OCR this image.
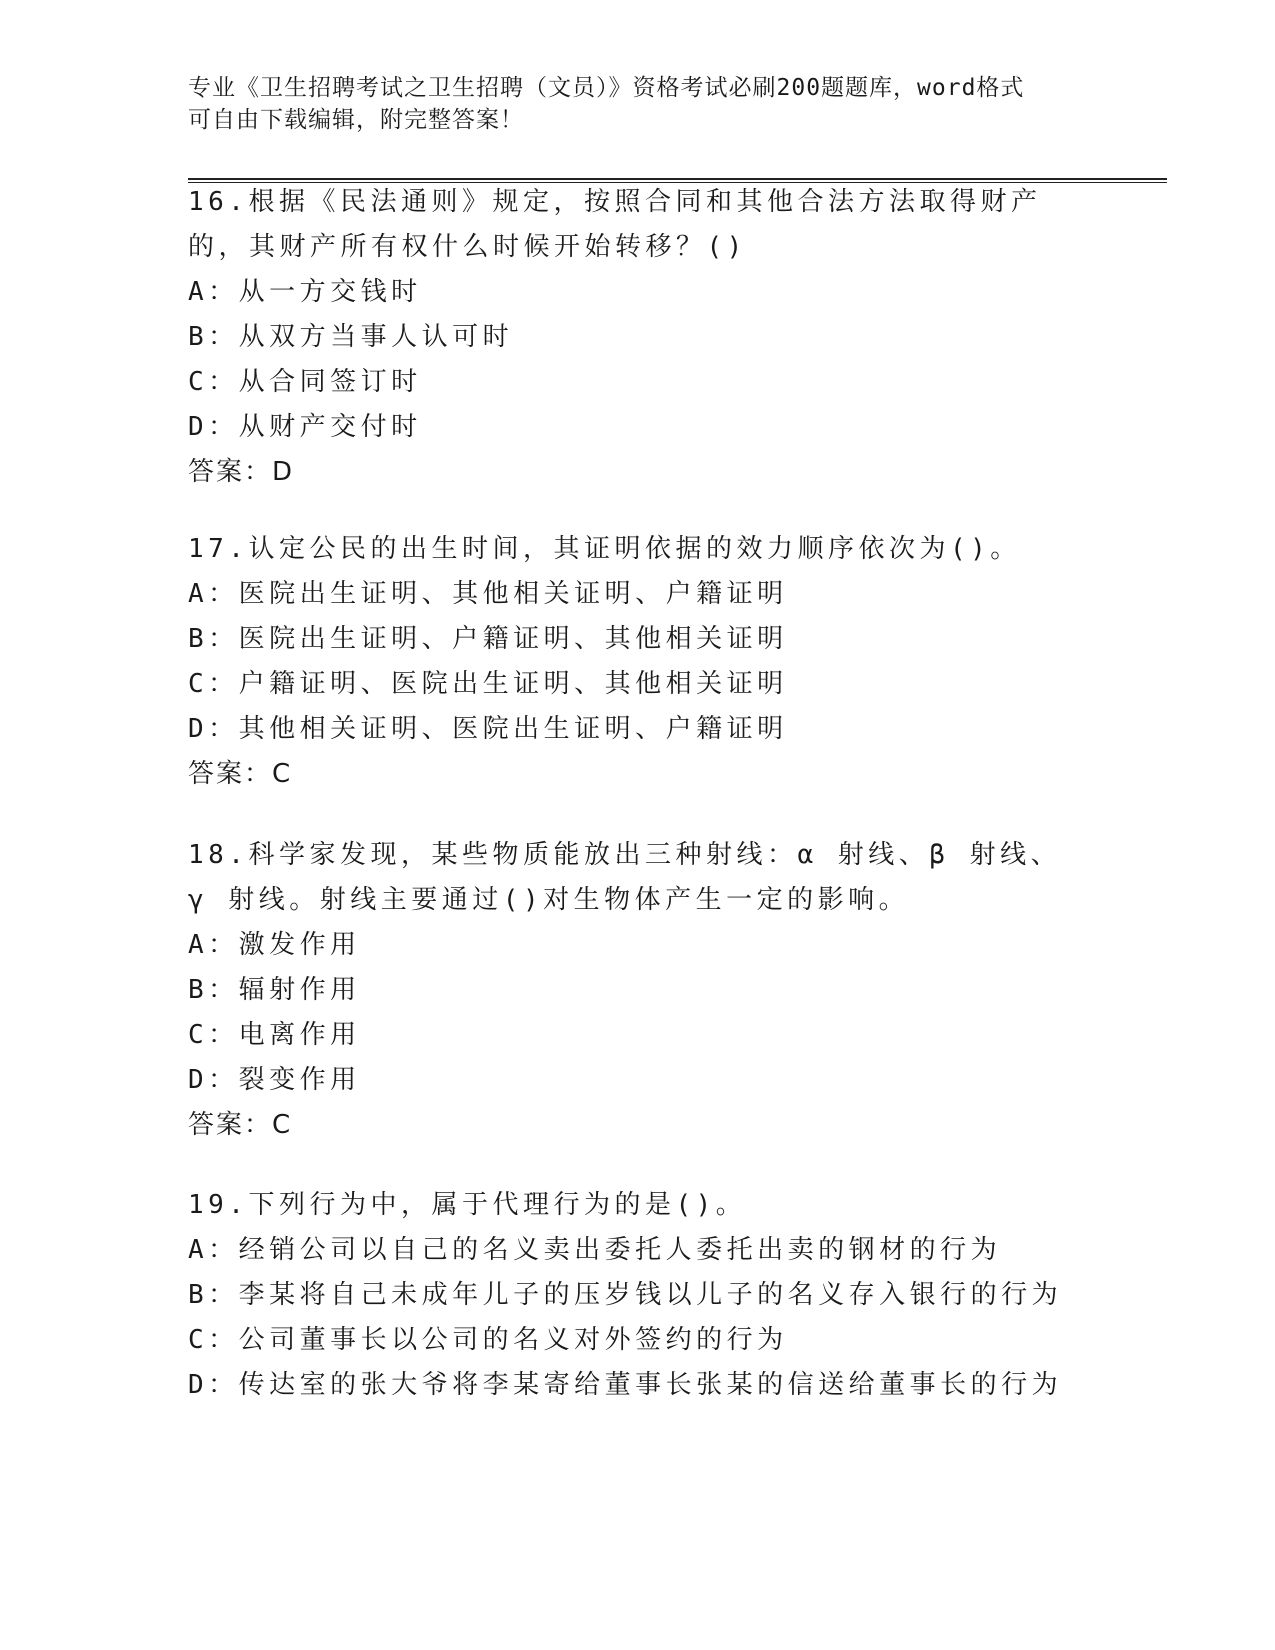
专业《卫生招聘考试之卫生招聘（文员）》资格考试必刷200题题库，word格式
可自由下载编辑，附完整答案！
16.根据《民法通则》规定，按照合同和其他合法方法取得财产的，其财产所有权什么时候开始转移？()
A：从一方交钱时
B：从双方当事人认可时
C：从合同签订时
D：从财产交付时
答案：D
17.认定公民的出生时间，其证明依据的效力顺序依次为()。
A：医院出生证明、其他相关证明、户籍证明
B：医院出生证明、户籍证明、其他相关证明
C：户籍证明、医院出生证明、其他相关证明
D：其他相关证明、医院出生证明、户籍证明
答案：C
18.科学家发现，某些物质能放出三种射线：α 射线、β 射线、γ 射线。射线主要通过()对生物体产生一定的影响。
A：激发作用
B：辐射作用
C：电离作用
D：裂变作用
答案：C
19.下列行为中，属于代理行为的是()。
A：经销公司以自己的名义卖出委托人委托出卖的钢材的行为
B：李某将自己未成年儿子的压岁钱以儿子的名义存入银行的行为
C：公司董事长以公司的名义对外签约的行为
D：传达室的张大爷将李某寄给董事长张某的信送给董事长的行为
